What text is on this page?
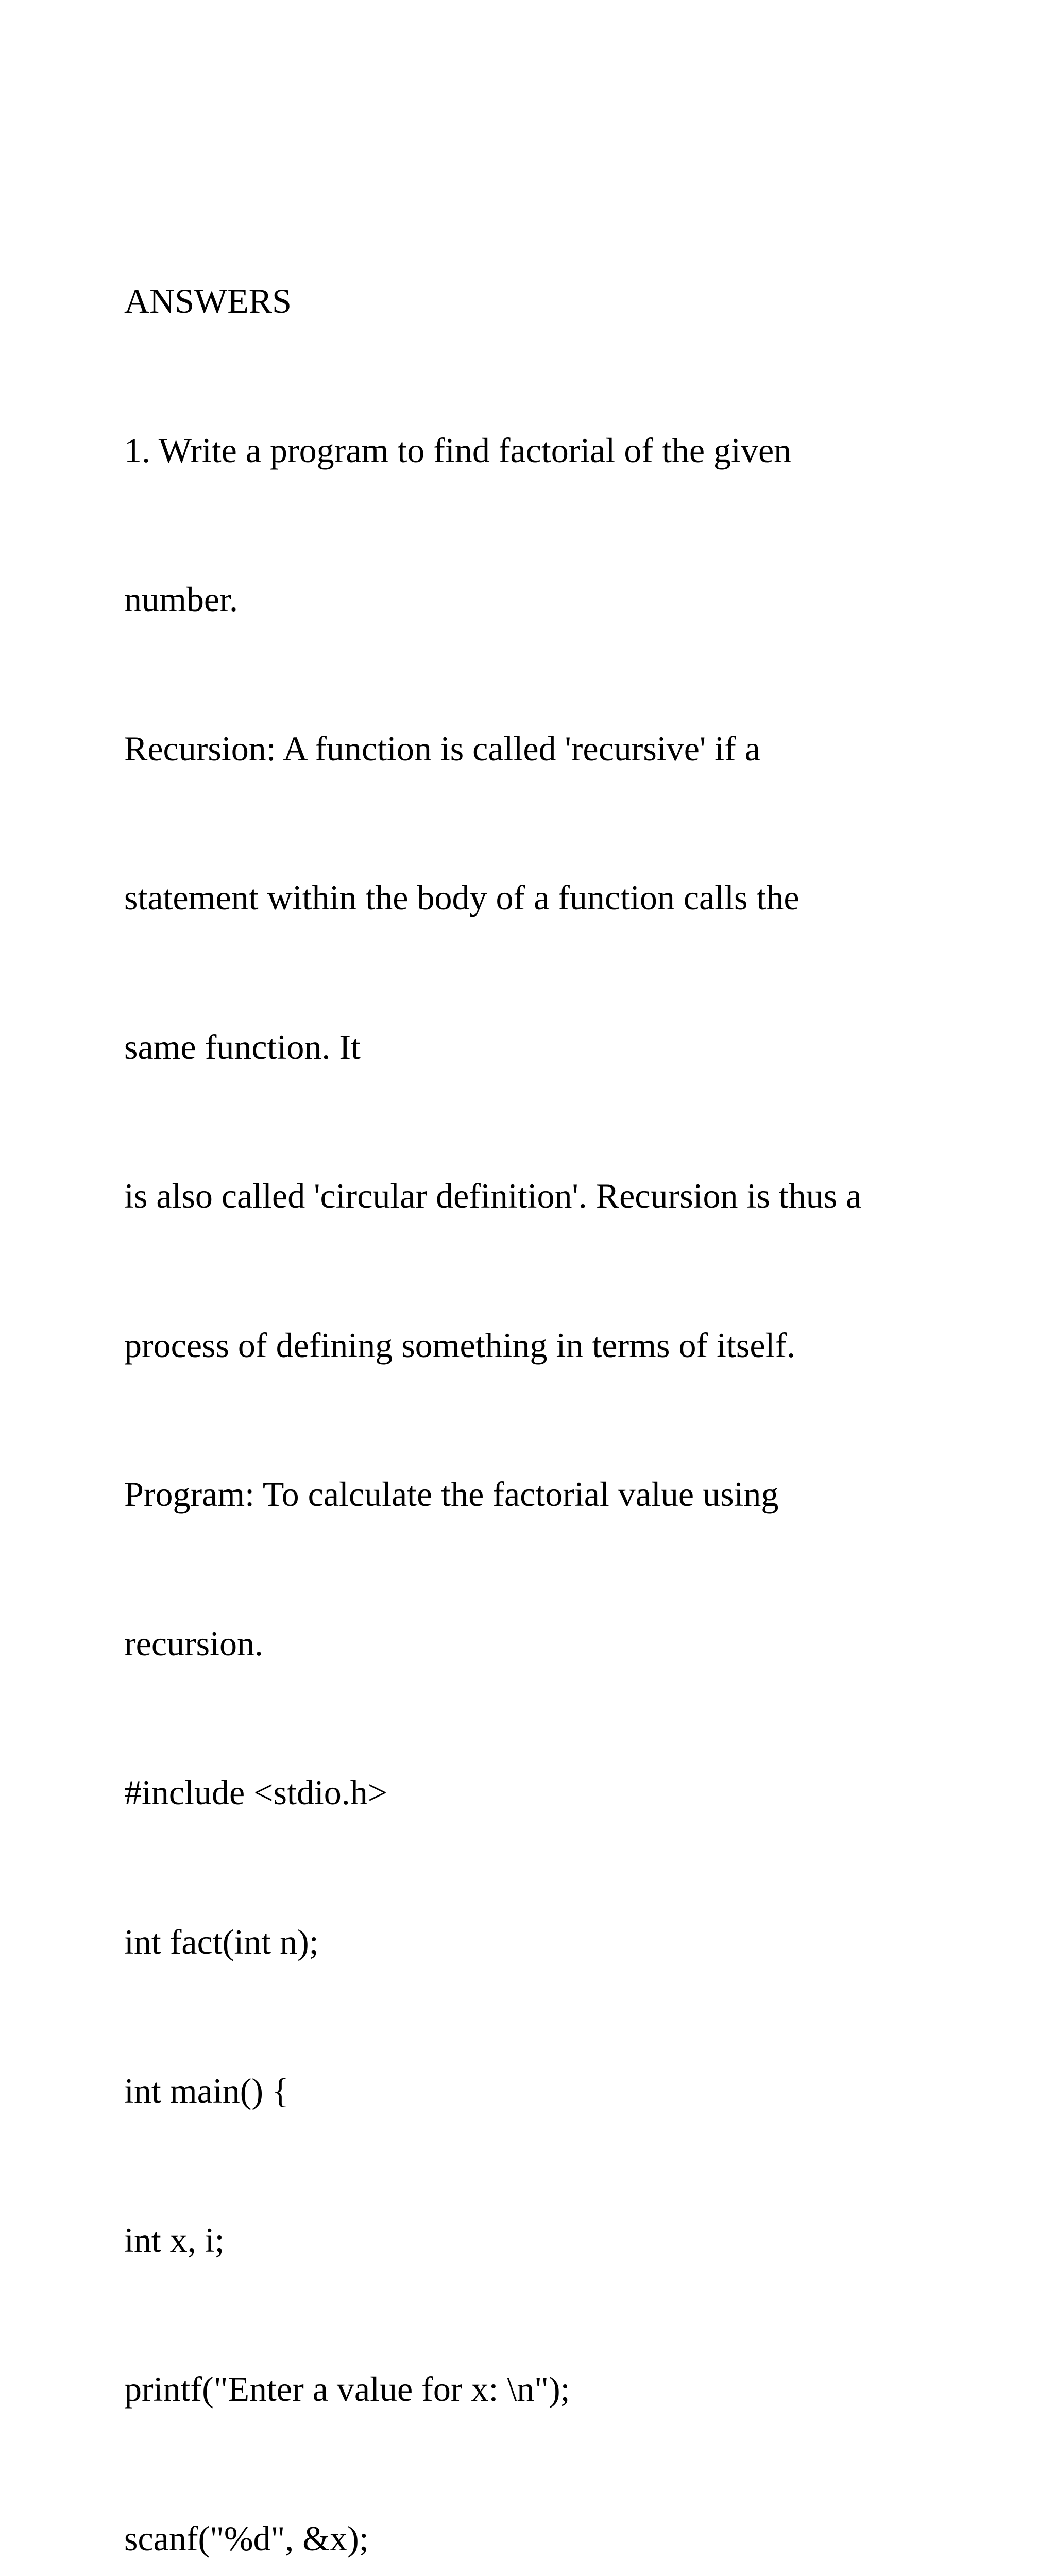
ANSWERS

1. Write a program to find factorial of the given

number.

Recursion: A function is called 'recursive' if a

statement within the body of a function calls the

same function. It

is also called 'circular definition'. Recursion is thus a

process of defining something in terms of itself.

Program: To calculate the factorial value using

recursion.

#include <stdio.h>

int fact(int n);

int main() {

int x, i;

printf("Enter a value for x: \n");

scanf("%d", &x);
